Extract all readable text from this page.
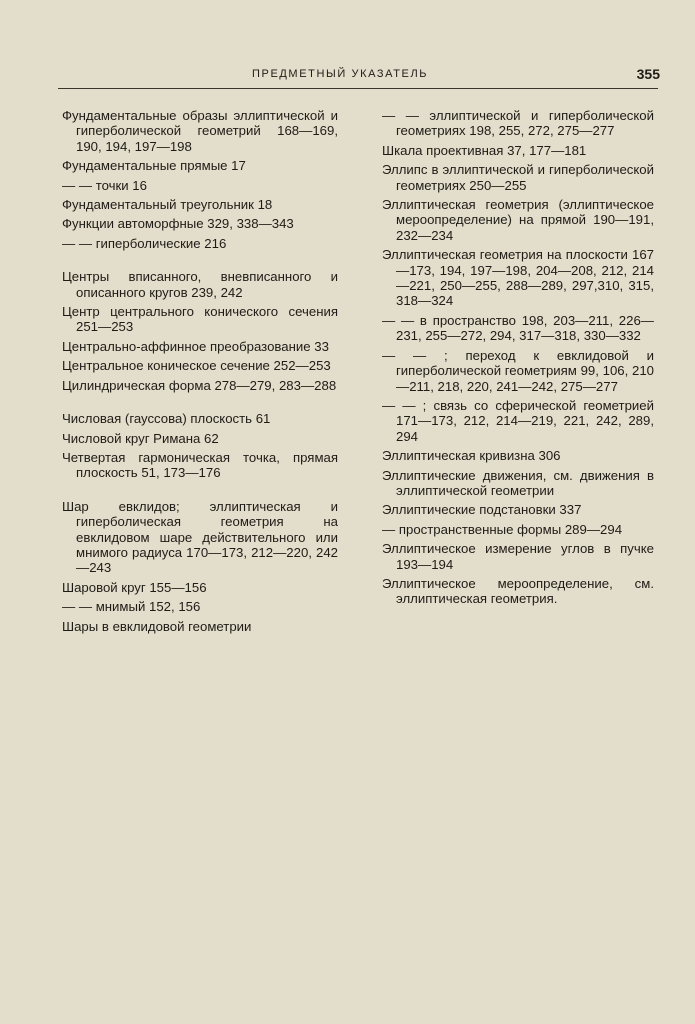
ПРЕДМЕТНЫЙ УКАЗАТЕЛЬ	355
Фундаментальные образы эллиптической и гиперболической геометрий 168—169, 190, 194, 197—198
Фундаментальные прямые 17
— — точки 16
Фундаментальный треугольник 18
Функции автоморфные 329, 338—343
— — гиперболические 216
Центры вписанного, вневписанного и описанного кругов 239, 242
Центр центрального конического сечения 251—253
Центрально-аффинное преобразование 33
Центральное коническое сечение 252—253
Цилиндрическая форма 278—279, 283—288
Числовая (гауссова) плоскость 61
Числовой круг Римана 62
Четвертая гармоническая точка, прямая плоскость 51, 173—176
Шар евклидов; эллиптическая и гиперболическая геометрия на евклидовом шаре действительного или мнимого радиуса 170—173, 212—220, 242—243
Шаровой круг 155—156
— — мнимый 152, 156
Шары в евклидовой геометрии
— — эллиптической и гиперболической геометриях 198, 255, 272, 275—277
Шкала проективная 37, 177—181
Эллипс в эллиптической и гиперболической геометриях 250—255
Эллиптическая геометрия (эллиптическое мероопределение) на прямой 190—191, 232—234
Эллиптическая геометрия на плоскости 167—173, 194, 197—198, 204—208, 212, 214—221, 250—255, 288—289, 297,310, 315, 318—324
— — в пространство 198, 203—211, 226—231, 255—272, 294, 317—318, 330—332
— — ; переход к евклидовой и гиперболической геометриям 99, 106, 210—211, 218, 220, 241—242, 275—277
— — ; связь со сферической геометрией 171—173, 212, 214—219, 221, 242, 289, 294
Эллиптическая кривизна 306
Эллиптические движения, см. движения в эллиптической геометрии
Эллиптические подстановки 337
— пространственные формы 289—294
Эллиптическое измерение углов в пучке 193—194
Эллиптическое мероопределение, см. эллиптическая геометрия.
